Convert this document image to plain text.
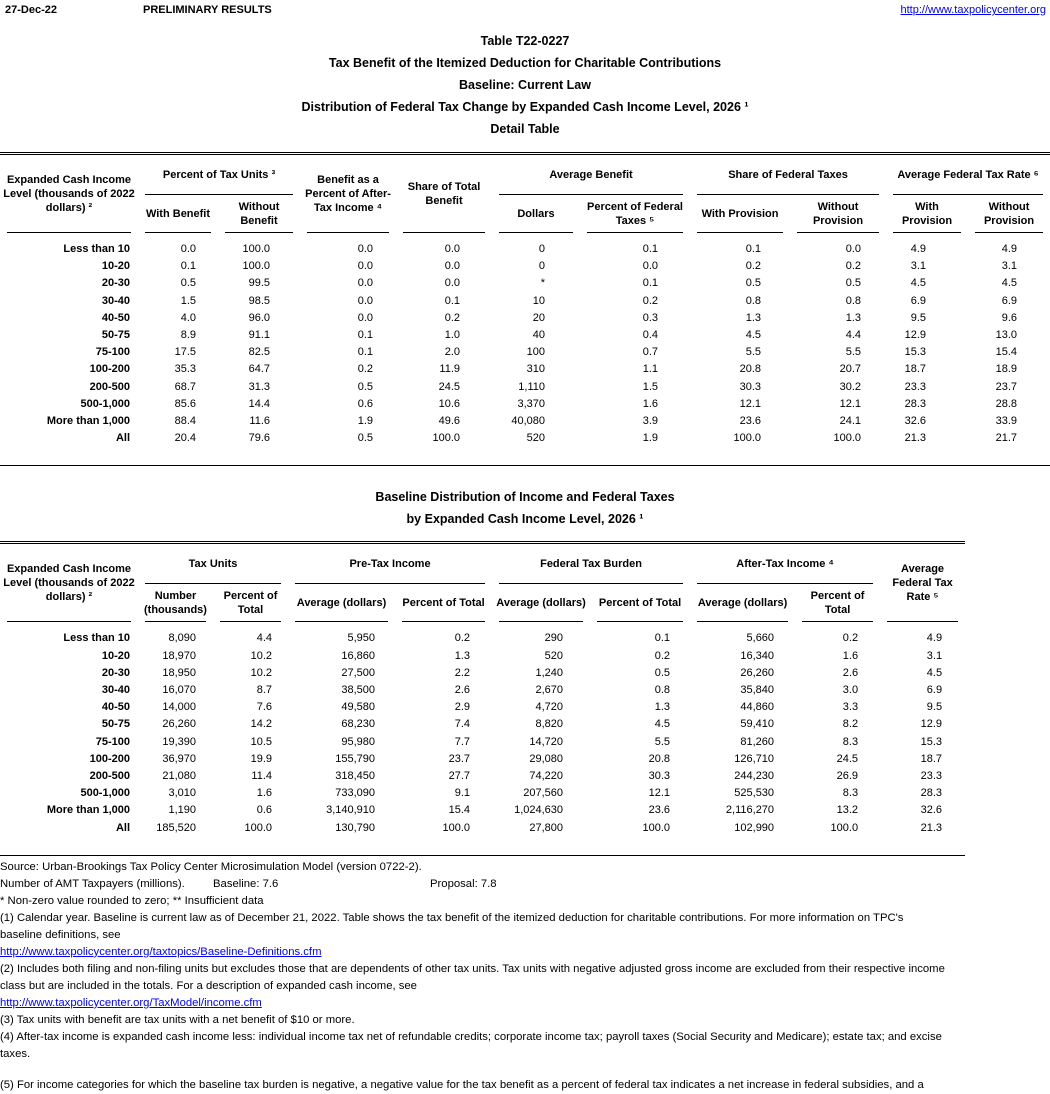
27-Dec-22	PRELIMINARY RESULTS	http://www.taxpolicycenter.org
Table T22-0227
Tax Benefit of the Itemized Deduction for Charitable Contributions
Baseline: Current Law
Distribution of Federal Tax Change by Expanded Cash Income Level, 2026 ¹
Detail Table
Expanded Cash Income Level (thousands of 2022 dollars) ²	Percent of Tax Units ³		Benefit as a Percent of After-Tax Income ⁴	Share of Total Benefit	Average Benefit		Share of Federal Taxes		Average Federal Tax Rate ⁶	
	With Benefit	Without Benefit			Dollars	Percent of Federal Taxes ⁵	With Provision	Without Provision	With Provision	Without Provision
Less than 10	0.0	100.0	0.0	0.0	0	0.1	0.1	0.0	4.9	4.9
10-20	0.1	100.0	0.0	0.0	0	0.0	0.2	0.2	3.1	3.1
20-30	0.5	99.5	0.0	0.0	*	0.1	0.5	0.5	4.5	4.5
30-40	1.5	98.5	0.0	0.1	10	0.2	0.8	0.8	6.9	6.9
40-50	4.0	96.0	0.0	0.2	20	0.3	1.3	1.3	9.5	9.6
50-75	8.9	91.1	0.1	1.0	40	0.4	4.5	4.4	12.9	13.0
75-100	17.5	82.5	0.1	2.0	100	0.7	5.5	5.5	15.3	15.4
100-200	35.3	64.7	0.2	11.9	310	1.1	20.8	20.7	18.7	18.9
200-500	68.7	31.3	0.5	24.5	1,110	1.5	30.3	30.2	23.3	23.7
500-1,000	85.6	14.4	0.6	10.6	3,370	1.6	12.1	12.1	28.3	28.8
More than 1,000	88.4	11.6	1.9	49.6	40,080	3.9	23.6	24.1	32.6	33.9
All	20.4	79.6	0.5	100.0	520	1.9	100.0	100.0	21.3	21.7
Baseline Distribution of Income and Federal Taxes
by Expanded Cash Income Level, 2026 ¹
Expanded Cash Income Level (thousands of 2022 dollars) ²	Tax Units		Pre-Tax Income		Federal Tax Burden		After-Tax Income ⁴		Average Federal Tax Rate ⁵
	Number (thousands)	Percent of Total	Average (dollars)	Percent of Total	Average (dollars)	Percent of Total	Average (dollars)	Percent of Total	
Less than 10	8,090	4.4	5,950	0.2	290	0.1	5,660	0.2	4.9
10-20	18,970	10.2	16,860	1.3	520	0.2	16,340	1.6	3.1
20-30	18,950	10.2	27,500	2.2	1,240	0.5	26,260	2.6	4.5
30-40	16,070	8.7	38,500	2.6	2,670	0.8	35,840	3.0	6.9
40-50	14,000	7.6	49,580	2.9	4,720	1.3	44,860	3.3	9.5
50-75	26,260	14.2	68,230	7.4	8,820	4.5	59,410	8.2	12.9
75-100	19,390	10.5	95,980	7.7	14,720	5.5	81,260	8.3	15.3
100-200	36,970	19.9	155,790	23.7	29,080	20.8	126,710	24.5	18.7
200-500	21,080	11.4	318,450	27.7	74,220	30.3	244,230	26.9	23.3
500-1,000	3,010	1.6	733,090	9.1	207,560	12.1	525,530	8.3	28.3
More than 1,000	1,190	0.6	3,140,910	15.4	1,024,630	23.6	2,116,270	13.2	32.6
All	185,520	100.0	130,790	100.0	27,800	100.0	102,990	100.0	21.3
Source: Urban-Brookings Tax Policy Center Microsimulation Model (version 0722-2).
Number of AMT Taxpayers (millions). Baseline: 7.6	Proposal: 7.8
* Non-zero value rounded to zero; ** Insufficient data
(1) Calendar year. Baseline is current law as of December 21, 2022. Table shows the tax benefit of the itemized deduction for charitable contributions. For more information on TPC's
baseline definitions, see
http://www.taxpolicycenter.org/taxtopics/Baseline-Definitions.cfm
(2) Includes both filing and non-filing units but excludes those that are dependents of other tax units. Tax units with negative adjusted gross income are excluded from their respective income
class but are included in the totals. For a description of expanded cash income, see
http://www.taxpolicycenter.org/TaxModel/income.cfm
(3) Tax units with benefit are tax units with a net benefit of $10 or more.
(4) After-tax income is expanded cash income less: individual income tax net of refundable credits; corporate income tax; payroll taxes (Social Security and Medicare); estate tax; and excise
taxes.
(5) For income categories for which the baseline tax burden is negative, a negative value for the tax benefit as a percent of federal tax indicates a net increase in federal subsidies, and a
